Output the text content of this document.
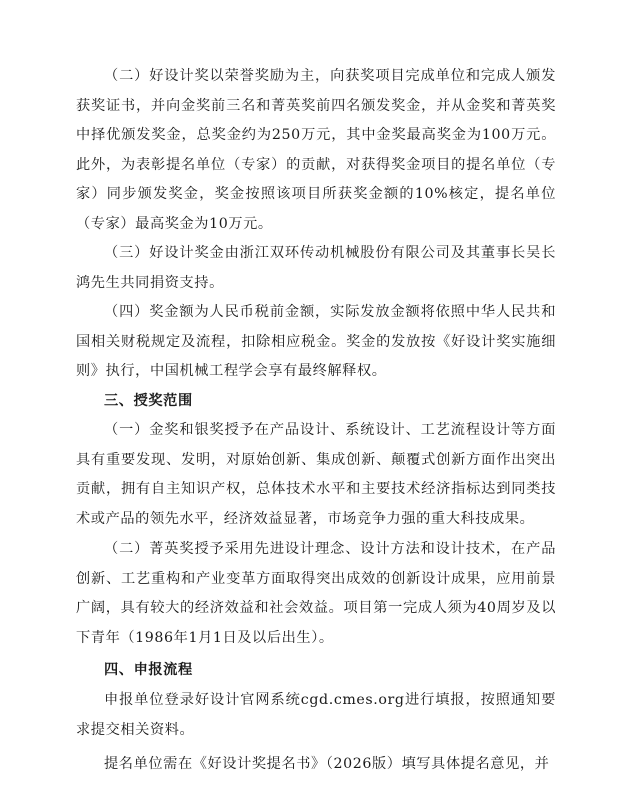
（二）好设计奖以荣誉奖励为主，向获奖项目完成单位和完成人颁发获奖证书，并向金奖前三名和菁英奖前四名颁发奖金，并从金奖和菁英奖中择优颁发奖金，总奖金约为250万元，其中金奖最高奖金为100万元。此外，为表彰提名单位（专家）的贡献，对获得奖金项目的提名单位（专家）同步颁发奖金，奖金按照该项目所获奖金额的10%核定，提名单位（专家）最高奖金为10万元。

（三）好设计奖金由浙江双环传动机械股份有限公司及其董事长吴长鸿先生共同捐资支持。

（四）奖金额为人民币税前金额，实际发放金额将依照中华人民共和国相关财税规定及流程，扣除相应税金。奖金的发放按《好设计奖实施细则》执行，中国机械工程学会享有最终解释权。

三、授奖范围

（一）金奖和银奖授予在产品设计、系统设计、工艺流程设计等方面具有重要发现、发明，对原始创新、集成创新、颠覆式创新方面作出突出贡献，拥有自主知识产权，总体技术水平和主要技术经济指标达到同类技术或产品的领先水平，经济效益显著，市场竞争力强的重大科技成果。

（二）菁英奖授予采用先进设计理念、设计方法和设计技术，在产品创新、工艺重构和产业变革方面取得突出成效的创新设计成果，应用前景广阔，具有较大的经济效益和社会效益。项目第一完成人须为40周岁及以下青年（1986年1月1日及以后出生）。

四、申报流程

申报单位登录好设计官网系统cgd.cmes.org进行填报，按照通知要求提交相关资料。

提名单位需在《好设计奖提名书》（2026版）填写具体提名意见，并
